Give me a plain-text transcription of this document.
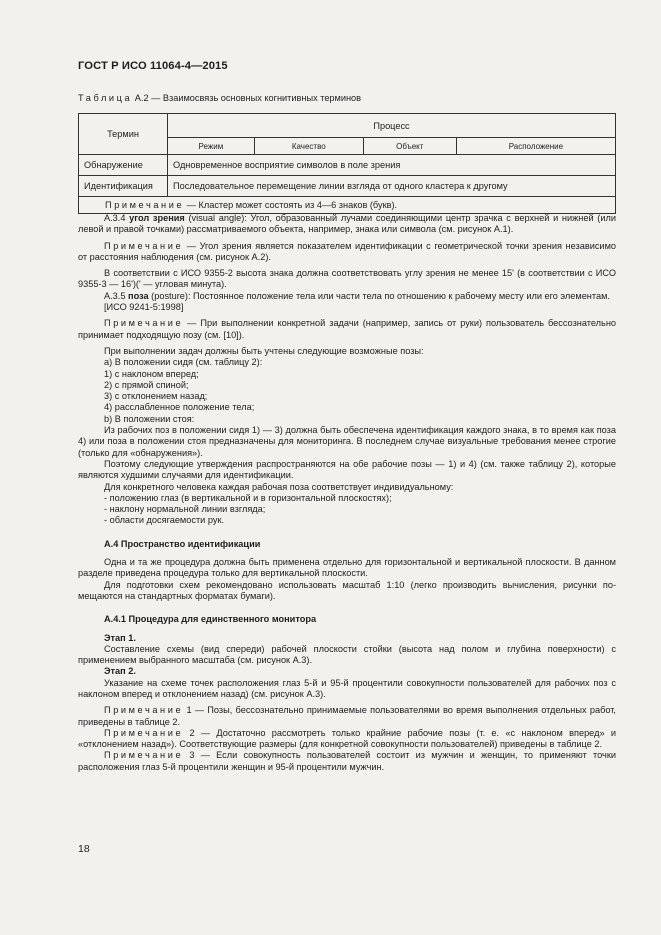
ГОСТ Р ИСО 11064-4—2015
Таблица А.2 — Взаимосвязь основных когнитивных терминов
Термин	Процесс			
	Режим	Качество	Объект	Расположение
Обнаружение	Одновременное восприятие символов в поле зрения			
Идентификация	Последовательное перемещение линии взгляда от одного кластера к другому			
Примечание — Кластер может состоять из 4—6 знаков (букв).				

А.3.4 угол зрения (visual angle): Угол, образованный лучами соединяющими центр зрачка с верхней и нижней (или левой и правой точками) рассматриваемого объекта, например, знака или символа (см. рисунок А.1).

Примечание — Угол зрения является показателем идентификации с геометрической точки зрения независимо от расстояния наблюдения (см. рисунок А.2).

В соответствии с ИСО 9355-2 высота знака должна соответствовать углу зрения не менее 15' (в соответствии с ИСО 9355-3 — 16')(' — угловая минута).

А.3.5 поза (posture): Постоянное положение тела или части тела по отношению к рабочему месту или его элементам.

[ИСО 9241-5:1998]

Примечание — При выполнении конкретной задачи (например, запись от руки) пользователь бессознательно принимает подходящую позу (см. [10]).

При выполнении задач должны быть учтены следующие возможные позы:

а) В положении сидя (см. таблицу 2):

1) с наклоном вперед;

2) с прямой спиной;

3) с отклонением назад;

4) расслабленное положение тела;

b) В положении стоя:

Из рабочих поз в положении сидя 1) — 3) должна быть обеспечена идентификация каждого знака, в то время как поза 4) или поза в положении стоя предназначены для мониторинга. В последнем случае визуальные требования менее строгие (только для «обнаружения»).

Поэтому следующие утверждения распространяются на обе рабочие позы — 1) и 4) (см. также таблицу 2), которые являются худшими случаями для идентификации.

Для конкретного человека каждая рабочая поза соответствует индивидуальному:

- положению глаз (в вертикальной и в горизонтальной плоскостях);

- наклону нормальной линии взгляда;

- области досягаемости рук.

А.4 Пространство идентификации

Одна и та же процедура должна быть применена отдельно для горизонтальной и вертикальной плоскости. В данном разделе приведена процедура только для вертикальной плоскости.

Для подготовки схем рекомендовано использовать масштаб 1:10 (легко производить вычисления, рисунки помещаются на стандартных форматах бумаги).

А.4.1 Процедура для единственного монитора

Этап 1.

Составление схемы (вид спереди) рабочей плоскости стойки (высота над полом и глубина поверхности) с применением выбранного масштаба (см. рисунок А.3).

Этап 2.

Указание на схеме точек расположения глаз 5-й и 95-й процентили совокупности пользователей для рабочих поз с наклоном вперед и отклонением назад) (см. рисунок А.3).

Примечание 1 — Позы, бессознательно принимаемые пользователями во время выполнения отдельных работ, приведены в таблице 2.

Примечание 2 — Достаточно рассмотреть только крайние рабочие позы (т. е. «с наклоном вперед» и «отклонением назад»). Соответствующие размеры (для конкретной совокупности пользователей) приведены в таблице 2.

Примечание 3 — Если совокупность пользователей состоит из мужчин и женщин, то применяют точки расположения глаз 5-й процентили женщин и 95-й процентили мужчин.

18
